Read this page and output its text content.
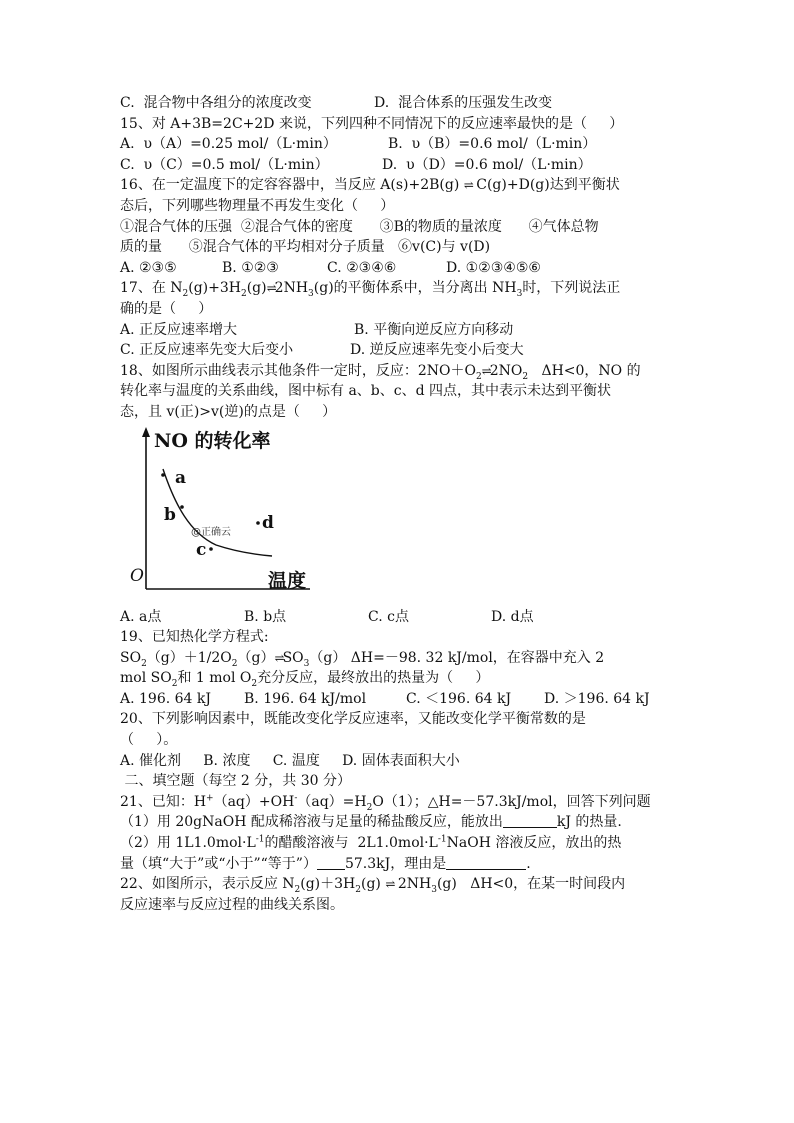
C.  混合物中各组分的浓度改变

	D.  混合体系的压强发生改变

15、对 A+3B=2C+2D 来说，下列四种不同情况下的反应速率最快的是（     ）

A.  υ（A）=0.25 mol/（L·min）

	B.  υ（B）=0.6 mol/（L·min）

C.  υ（C）=0.5 mol/（L·min）

	D.  υ（D）=0.6 mol/（L·min）

16、在一定温度下的定容容器中，当反应 A(s)+2B(g) ⇌ C(g)+D(g)达到平衡状
态后，下列哪些物理量不再发生变化（     ）
①混合气体的压强  ②混合气体的密度      ③B的物质的量浓度      ④气体总物
质的量      ⑤混合气体的平均相对分子质量   ⑥v(C)与 v(D)

A. ②③⑤

	B. ①②③

	C. ②③④⑥

	D. ①②③④⑤⑥

17、在 $N_2(g)+3H_2(g)\rightleftharpoons 2NH_3(g)$的平衡体系中，当分离出 $NH_3$时，下列说法正
确的是（     ）

A. 正反应速率增大

	B. 平衡向逆反应方向移动

C. 正反应速率先变大后变小

	D. 逆反应速率先变小后变大

18、如图所示曲线表示其他条件一定时，反应：$2NO+O_2\rightleftharpoons 2NO_2$   ΔH<0，NO 的
转化率与温度的关系曲线，图中标有 a、b、c、d 四点，其中表示未达到平衡状
态，且 v(正)>v(逆)的点是（     ）
NO 的转化率
a
b
c
d
@正确云
O	温度

A. a点

	B. b点

	C. c点

	D. d点

19、已知热化学方程式:
$SO_2(g)+1/2O_2(g)\rightleftharpoons SO_3(g)$ ΔH=－98. 32 kJ/mol，在容器中充入 2
mol $SO_2$和 1 mol $O_2$充分反应，最终放出的热量为（     ）

A. 196. 64 kJ

B. 196. 64 kJ/mol

	C. ＜196. 64 kJ

D. ＞196. 64 kJ

20、下列影响因素中，既能改变化学反应速率，又能改变化学平衡常数的是
（     ）。
A. 催化剂     B. 浓度     C. 温度     D. 固体表面积大小
二、填空题（每空 2 分，共 30 分）
21、已知：$H^+(aq)+OH^-(aq)=H_2O(1)$；△H=－57.3kJ/mol，回答下列问题
（1）用 20gNaOH 配成稀溶液与足量的稀盐酸反应，能放出	kJ 的热量.
（2）用 $1L1.0mol\cdot L^{-1}$的醋酸溶液与  $2L1.0mol\cdot L^{-1}NaOH$ 溶液反应，放出的热
量（填“大于”或“小于”“等于”） 57.3kJ，理由是	.
22、如图所示，表示反应 $N_2(g)+3H_2(g)$ ⇌ $2NH_3(g)$   ΔH<0，在某一时间段内
反应速率与反应过程的曲线关系图。
